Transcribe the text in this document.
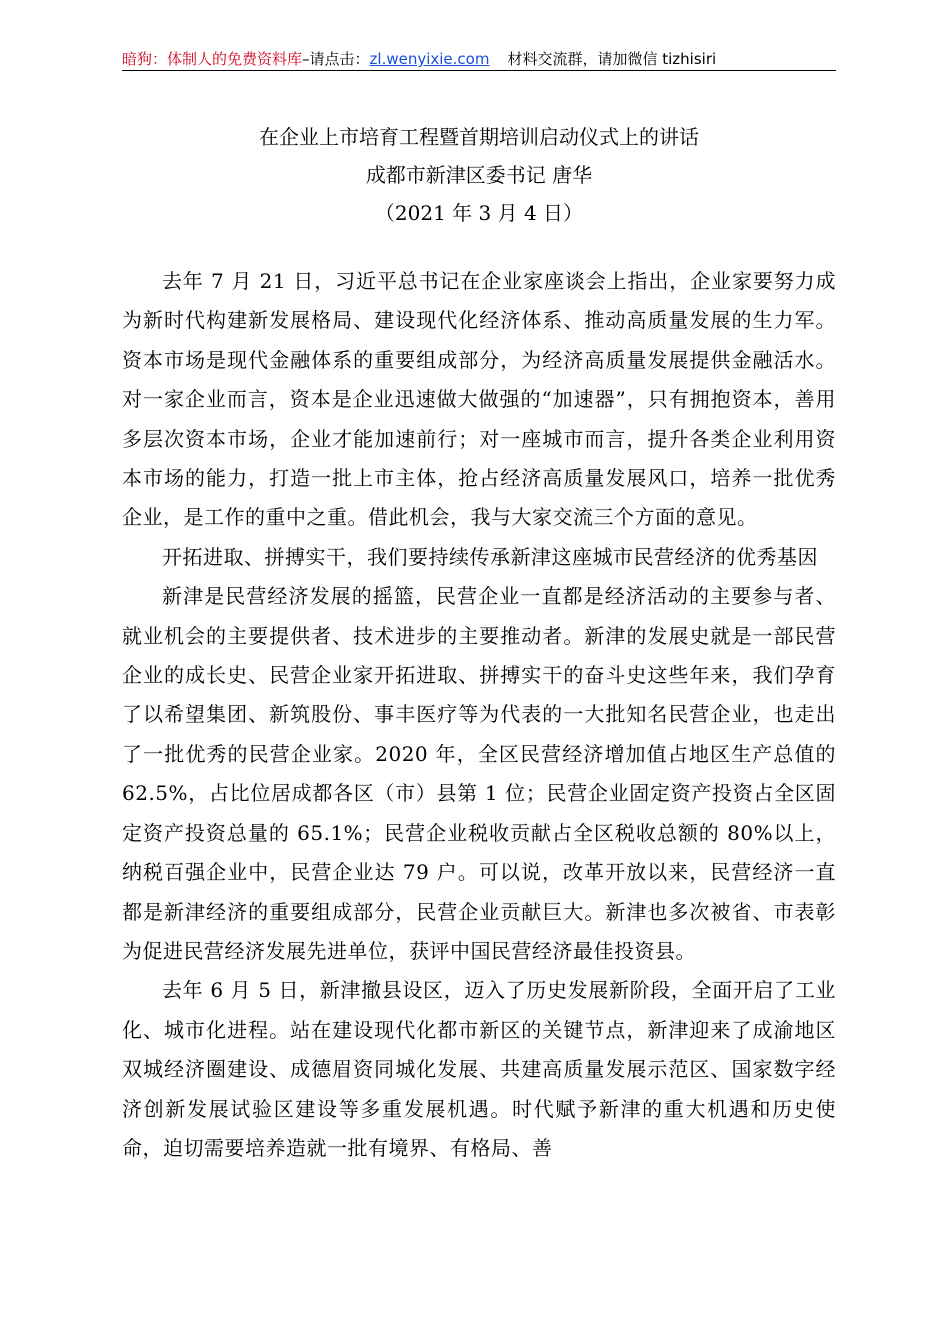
暗狗：体制人的免费资料库–请点击：zl.wenyixie.com 材料交流群，请加微信 tizhisiri
在企业上市培育工程暨首期培训启动仪式上的讲话
成都市新津区委书记 唐华
（2021 年 3 月 4 日）

去年 7 月 21 日，习近平总书记在企业家座谈会上指出，企业家要努力成为新时代构建新发展格局、建设现代化经济体系、推动高质量发展的生力军。资本市场是现代金融体系的重要组成部分，为经济高质量发展提供金融活水。对一家企业而言，资本是企业迅速做大做强的“加速器”，只有拥抱资本，善用多层次资本市场，企业才能加速前行；对一座城市而言，提升各类企业利用资本市场的能力，打造一批上市主体，抢占经济高质量发展风口，培养一批优秀企业，是工作的重中之重。借此机会，我与大家交流三个方面的意见。

开拓进取、拼搏实干，我们要持续传承新津这座城市民营经济的优秀基因

新津是民营经济发展的摇篮，民营企业一直都是经济活动的主要参与者、就业机会的主要提供者、技术进步的主要推动者。新津的发展史就是一部民营企业的成长史、民营企业家开拓进取、拼搏实干的奋斗史这些年来，我们孕育了以希望集团、新筑股份、事丰医疗等为代表的一大批知名民营企业，也走出了一批优秀的民营企业家。2020 年，全区民营经济增加值占地区生产总值的 62.5%，占比位居成都各区（市）县第 1 位；民营企业固定资产投资占全区固定资产投资总量的 65.1%；民营企业税收贡献占全区税收总额的 80%以上，纳税百强企业中，民营企业达 79 户。可以说，改革开放以来，民营经济一直都是新津经济的重要组成部分，民营企业贡献巨大。新津也多次被省、市表彰为促进民营经济发展先进单位，获评中国民营经济最佳投资县。

去年 6 月 5 日，新津撤县设区，迈入了历史发展新阶段，全面开启了工业化、城市化进程。站在建设现代化都市新区的关键节点，新津迎来了成渝地区双城经济圈建设、成德眉资同城化发展、共建高质量发展示范区、国家数字经济创新发展试验区建设等多重发展机遇。时代赋予新津的重大机遇和历史使命，迫切需要培养造就一批有境界、有格局、善
